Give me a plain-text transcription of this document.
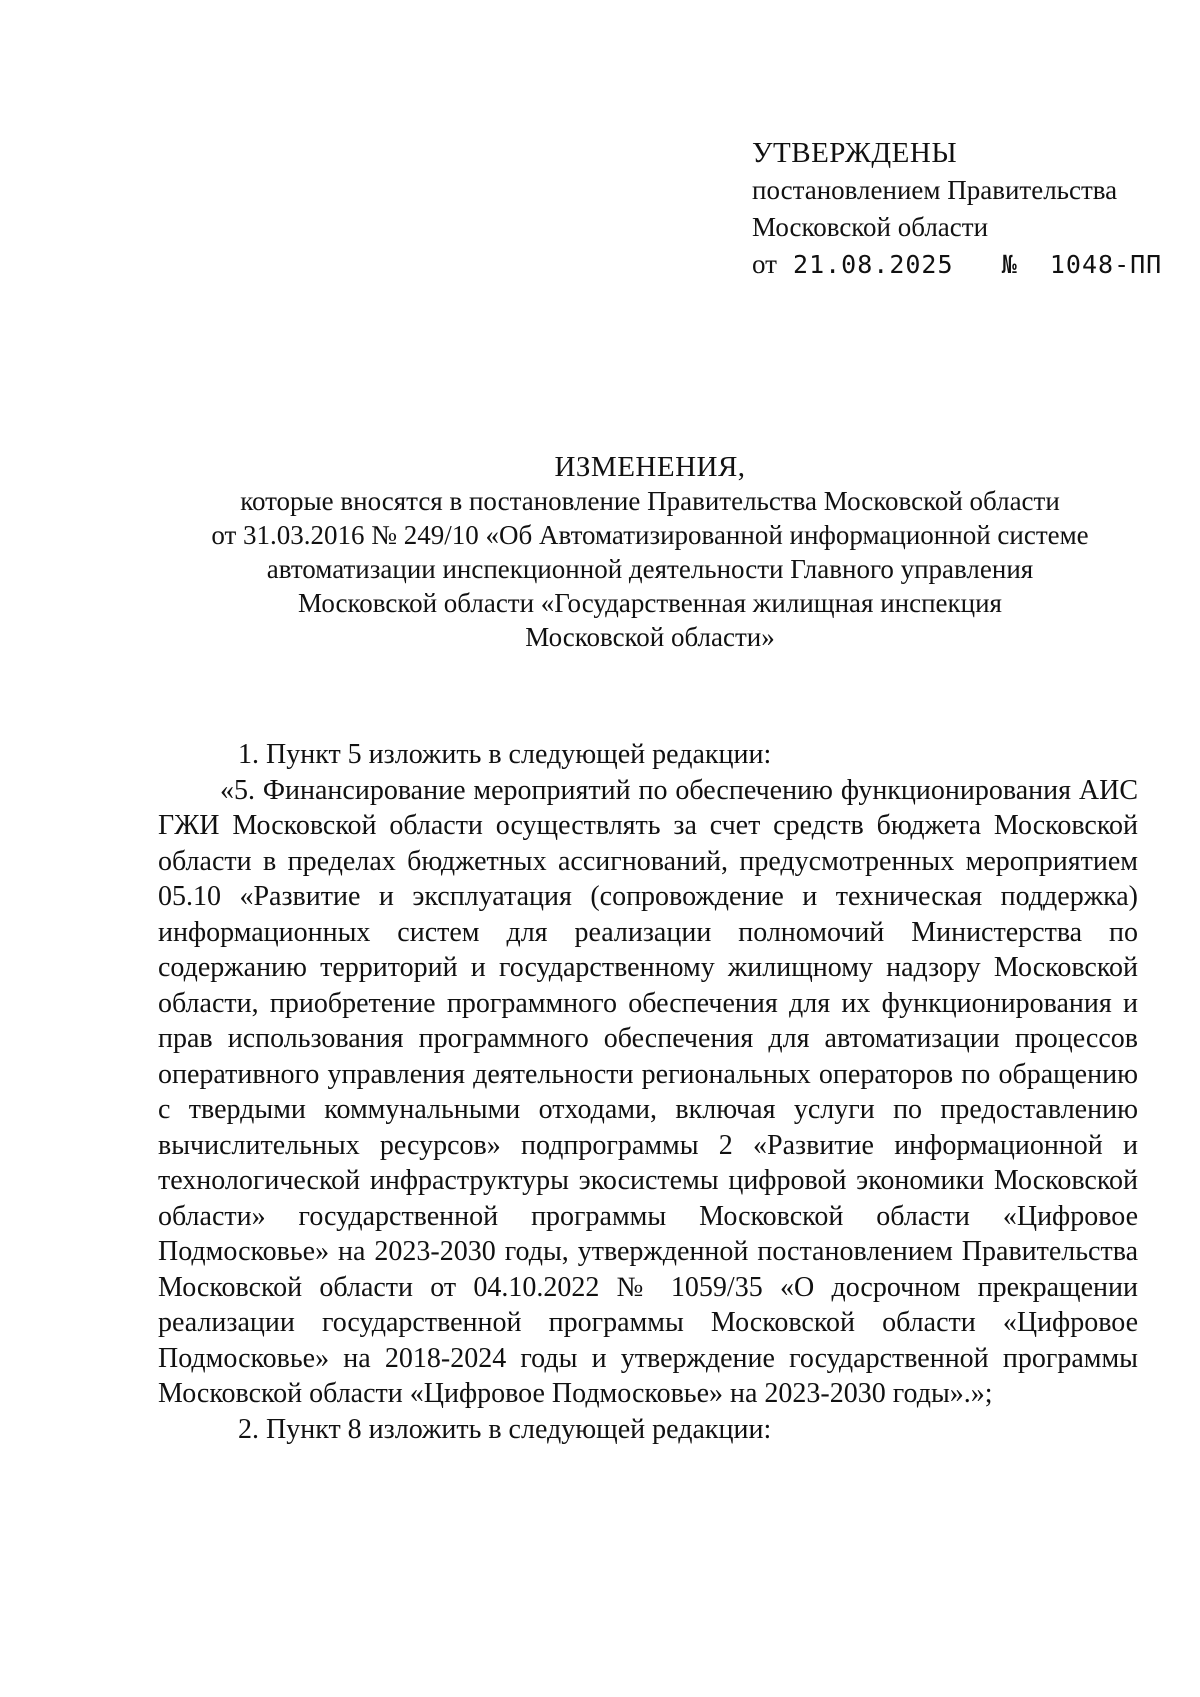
УТВЕРЖДЕНЫ
постановлением Правительства
Московской области
от 21.08.2025 № 1048-ПП
ИЗМЕНЕНИЯ,
которые вносятся в постановление Правительства Московской области
от 31.03.2016 № 249/10 «Об Автоматизированной информационной системе
автоматизации инспекционной деятельности Главного управления
Московской области «Государственная жилищная инспекция
Московской области»

1. Пункт 5 изложить в следующей редакции:

«5. Финансирование мероприятий по обеспечению функционирования АИС ГЖИ Московской области осуществлять за счет средств бюджета Московской области в пределах бюджетных ассигнований, предусмотренных мероприятием 05.10 «Развитие и эксплуатация (сопровождение и техническая поддержка) информационных систем для реализации полномочий Министерства по содержанию территорий и государственному жилищному надзору Московской области, приобретение программного обеспечения для их функционирования и прав использования программного обеспечения для автоматизации процессов оперативного управления деятельности региональных операторов по обращению с твердыми коммунальными отходами, включая услуги по предоставлению вычислительных ресурсов» подпрограммы 2 «Развитие информационной и технологической инфраструктуры экосистемы цифровой экономики Московской области» государственной программы Московской области «Цифровое Подмосковье» на 2023-2030 годы, утвержденной постановлением Правительства Московской области от 04.10.2022 № 1059/35 «О досрочном прекращении реализации государственной программы Московской области «Цифровое Подмосковье» на 2018-2024 годы и утверждение государственной программы Московской области «Цифровое Подмосковье» на 2023-2030 годы».»;

2. Пункт 8 изложить в следующей редакции:
